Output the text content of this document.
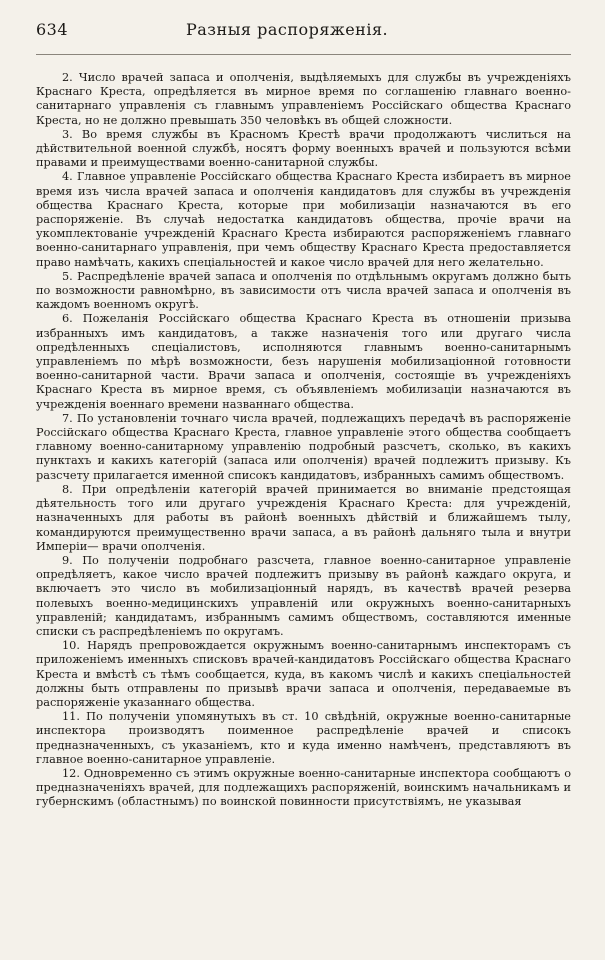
634	Разныя распоряженія.

2. Число врачей запаса и ополченія, выдѣляемыхъ для службы въ учрежденіяхъ Краснаго Креста, опредѣляется въ мирное время по соглашенію главнаго военно-санитарнаго управленія съ главнымъ управленіемъ Россійскаго общества Краснаго Креста, но не должно превышать 350 человѣкъ въ общей сложности.

3. Во время службы въ Красномъ Крестѣ врачи продолжаютъ числиться на дѣйствительной военной службѣ, носятъ форму военныхъ врачей и пользуются всѣми правами и преимуществами военно-санитарной службы.

4. Главное управленіе Россійскаго общества Краснаго Креста избираетъ въ мирное время изъ числа врачей запаса и ополченія кандидатовъ для службы въ учрежденія общества Краснаго Креста, которые при мобилизаціи назначаются въ его распоряженіе. Въ случаѣ недостатка кандидатовъ общества, прочіе врачи на укомплектованіе учрежденій Краснаго Креста избираются распоряженіемъ главнаго военно-санитарнаго управленія, при чемъ обществу Краснаго Креста предоставляется право намѣчать, какихъ спеціальностей и какое число врачей для него желательно.

5. Распредѣленіе врачей запаса и ополченія по отдѣльнымъ округамъ должно быть по возможности равномѣрно, въ зависимости отъ числа врачей запаса и ополченія въ каждомъ военномъ округѣ.

6. Пожеланія Россійскаго общества Краснаго Креста въ отношеніи призыва избранныхъ имъ кандидатовъ, а также назначенія того или другаго числа опредѣленныхъ спеціалистовъ, исполняются главнымъ военно-санитарнымъ управленіемъ по мѣрѣ возможности, безъ нарушенія мобилизаціонной готовности военно-санитарной части. Врачи запаса и ополченія, состоящіе въ учрежденіяхъ Краснаго Креста въ мирное время, съ объявленіемъ мобилизаціи назначаются въ учрежденія военнаго времени названнаго общества.

7. По установленіи точнаго числа врачей, подлежащихъ передачѣ въ распоряженіе Россійскаго общества Краснаго Креста, главное управленіе этого общества сообщаетъ главному военно-санитарному управленію подробный разсчетъ, сколько, въ какихъ пунктахъ и какихъ категорій (запаса или ополченія) врачей подлежитъ призыву. Къ разсчету прилагается именной списокъ кандидатовъ, избранныхъ самимъ обществомъ.

8. При опредѣленіи категорій врачей принимается во вниманіе предстоящая дѣятельность того или другаго учрежденія Краснаго Креста: для учрежденій, назначенныхъ для работы въ районѣ военныхъ дѣйствій и ближайшемъ тылу, командируются преимущественно врачи запаса, а въ районѣ дальняго тыла и внутри Имперіи— врачи ополченія.

9. По полученіи подробнаго разсчета, главное военно-санитарное управленіе опредѣляетъ, какое число врачей подлежитъ призыву въ районѣ каждаго округа, и включаетъ это число въ мобилизаціонный нарядъ, въ качествѣ врачей резерва полевыхъ военно-медицинскихъ управленій или окружныхъ военно-санитарныхъ управленій; кандидатамъ, избраннымъ самимъ обществомъ, составляются именные списки съ распредѣленіемъ по округамъ.

10. Нарядъ препровождается окружнымъ военно-санитарнымъ инспекторамъ съ приложеніемъ именныхъ списковъ врачей-кандидатовъ Россійскаго общества Краснаго Креста и вмѣстѣ съ тѣмъ сообщается, куда, въ какомъ числѣ и какихъ спеціальностей должны быть отправлены по призывѣ врачи запаса и ополченія, передаваемые въ распоряженіе указаннаго общества.

11. По полученіи упомянутыхъ въ ст. 10 свѣдѣній, окружные военно-санитарные инспектора производятъ поименное распредѣленіе врачей и списокъ предназначенныхъ, съ указаніемъ, кто и куда именно намѣченъ, представляютъ въ главное военно-санитарное управленіе.

12. Одновременно съ этимъ окружные военно-санитарные инспектора сообщаютъ о предназначеніяхъ врачей, для подлежащихъ распоряженій, воинскимъ начальникамъ и губернскимъ (областнымъ) по воинской повинности присутствіямъ, не указывая
